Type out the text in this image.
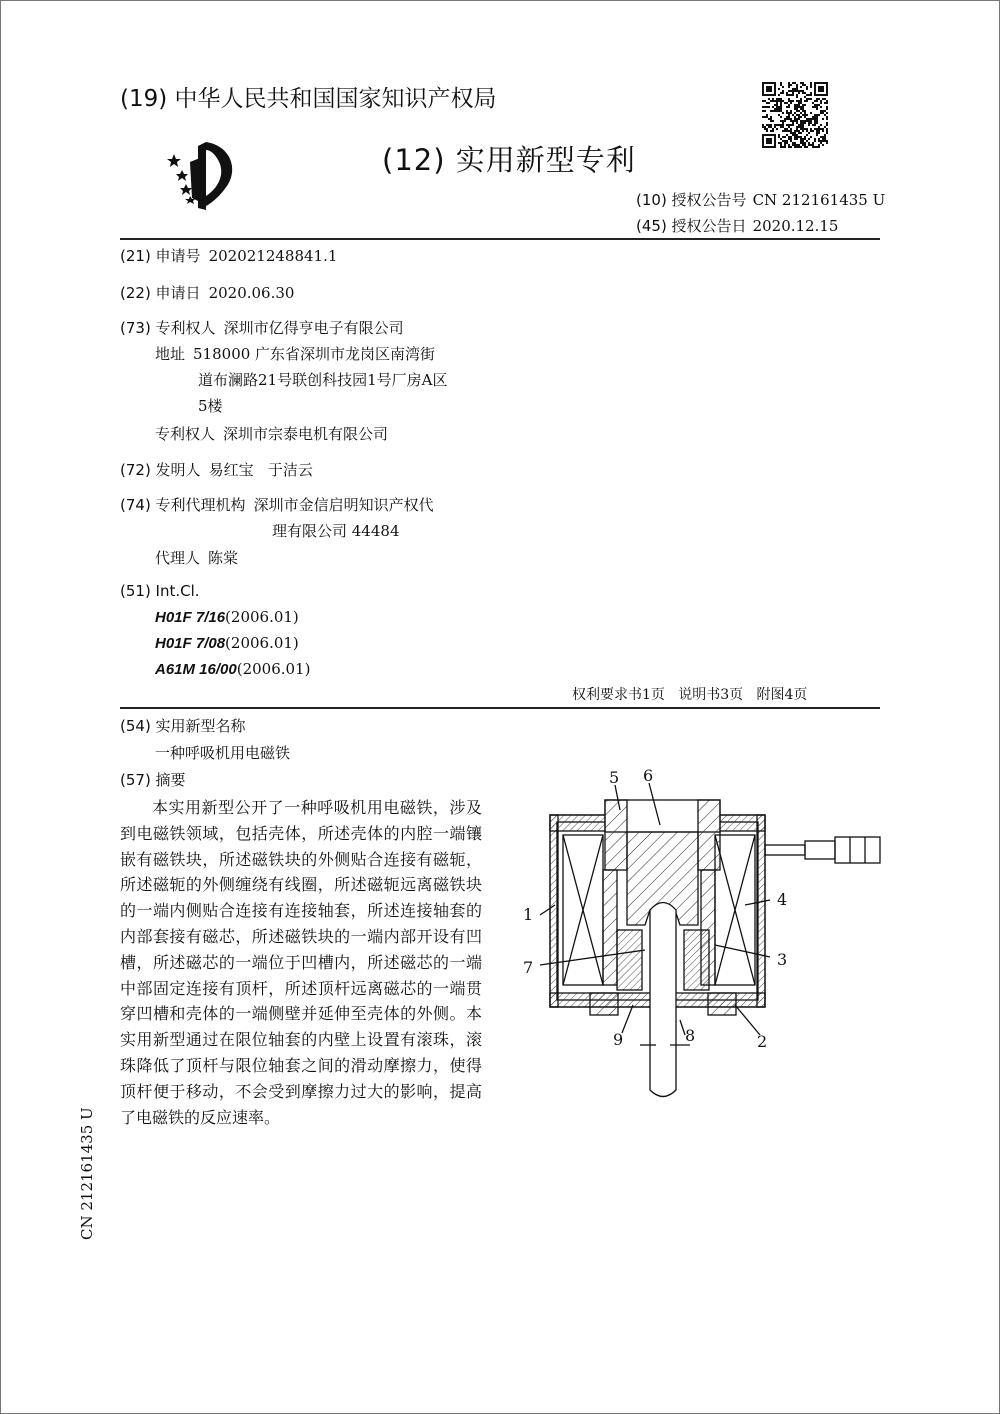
(19) 中华人民共和国国家知识产权局
(12) 实用新型专利
(10) 授权公告号 CN 212161435 U
(45) 授权公告日 2020.12.15
(21) 申请号 202021248841.1
(22) 申请日 2020.06.30
(73) 专利权人 深圳市亿得亨电子有限公司
地址 518000 广东省深圳市龙岗区南湾街
道布澜路21号联创科技园1号厂房A区
5楼
专利权人 深圳市宗泰电机有限公司
(72) 发明人 易红宝   于洁云
(74) 专利代理机构 深圳市金信启明知识产权代
理有限公司 44484
代理人 陈棠
(51) Int.Cl.
H01F 7/16(2006.01)
H01F 7/08(2006.01)
A61M 16/00(2006.01)
权利要求书1页   说明书3页   附图4页
(54) 实用新型名称
一种呼吸机用电磁铁
(57) 摘要
本实用新型公开了一种呼吸机用电磁铁，涉及到电磁铁领域，包括壳体，所述壳体的内腔一端镶嵌有磁铁块，所述磁铁块的外侧贴合连接有磁轭，所述磁轭的外侧缠绕有线圈，所述磁轭远离磁铁块的一端内侧贴合连接有连接轴套，所述连接轴套的内部套接有磁芯，所述磁铁块的一端内部开设有凹槽，所述磁芯的一端位于凹槽内，所述磁芯的一端中部固定连接有顶杆，所述顶杆远离磁芯的一端贯穿凹槽和壳体的一端侧壁并延伸至壳体的外侧。本实用新型通过在限位轴套的内壁上设置有滚珠，滚珠降低了顶杆与限位轴套之间的滑动摩擦力，使得顶杆便于移动，不会受到摩擦力过大的影响，提高了电磁铁的反应速率。
5 6
1
4
3
7
2
8
9
CN 212161435 U
